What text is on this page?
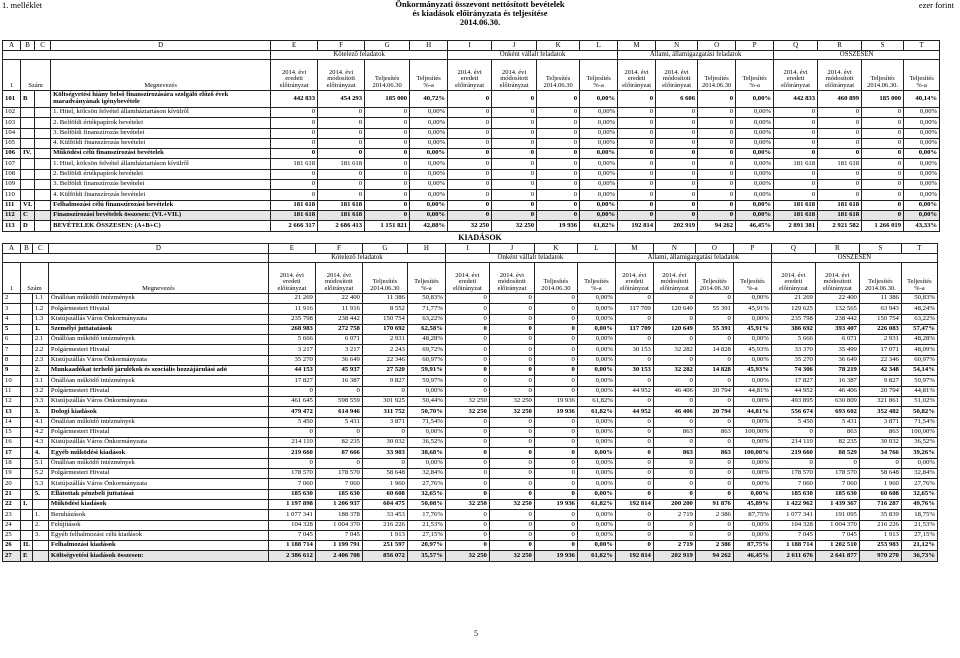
1. melléklet	ezer forint
Önkormányzati összevont nettósított bevételek
és kiadások előirányzata és teljesítése
2014.06.30.
A	B	C	D	E	F	G	H	I	J	K	L	M	N	O	P	Q	R	S	T
				Kötelező feladatok				Önként vállalt feladatok				Állami, államigazgatási feladatok				ÖSSZESEN			
1	Szám		Megnevezés	2014. évi eredeti előirányzat	2014. évi módosított előirányzat	Teljesítés 2014.06.30	Teljesítés %-a	2014. évi eredeti előirányzat	2014. évi módosított előirányzat	Teljesítés 2014.06.30	Teljesítés %-a	2014. évi eredeti előirányzat	2014. évi módosított előirányzat	Teljesítés 2014.06.30	Teljesítés %-a	2014. évi eredeti előirányzat	2014. évi módosított előirányzat	Teljesítés 2014.06.30.	Teljesítés %-a
101	B		Költségvetési hiány belső finanszírozására szolgáló előző évek maradványának igénybevétele	442 833	454 293	185 000	40,72%	0	0	0	0,00%	0	6 606	0	0,00%	442 833	460 899	185 000	40,14%
102			1. Hitel, kölcsön felvétel államháztartáson kívülről	0	0	0	0,00%	0	0	0	0,00%	0	0	0	0,00%	0	0	0	0,00%
103			2. Belföldi értékpapírok bevételei	0	0	0	0,00%	0	0	0	0,00%	0	0	0	0,00%	0	0	0	0,00%
104			3. Belföldi finanszírozás bevételei	0	0	0	0,00%	0	0	0	0,00%	0	0	0	0,00%	0	0	0	0,00%
105			4. Külföldi finanszírozás bevételei	0	0	0	0,00%	0	0	0	0,00%	0	0	0	0,00%	0	0	0	0,00%
106	IV.		Működési célú finanszírozási bevételek	0	0	0	0,00%	0	0	0	0,00%	0	0	0	0,00%	0	0	0	0,00%
107			1. Hitel, kölcsön felvétel államháztartáson kívülről	181 618	181 618	0	0,00%	0	0	0	0,00%	0	0	0	0,00%	181 618	181 618	0	0,00%
108			2. Belföldi értékpapírok bevételei	0	0	0	0,00%	0	0	0	0,00%	0	0	0	0,00%	0	0	0	0,00%
109			3. Belföldi finanszírozás bevételei	0	0	0	0,00%	0	0	0	0,00%	0	0	0	0,00%	0	0	0	0,00%
110			4. Külföldi finanszírozás bevételei	0	0	0	0,00%	0	0	0	0,00%	0	0	0	0,00%	0	0	0	0,00%
111	VI.		Felhalmozási célú finanszírozási bevételek	181 618	181 618	0	0,00%	0	0	0	0,00%	0	0	0	0,00%	181 618	181 618	0	0,00%
112	C		Finanszírozási bevételek összesen: (VI.+VII.)	181 618	181 618	0	0,00%	0	0	0	0,00%	0	0	0	0,00%	181 618	181 618	0	0,00%
113	D		BEVÉTELEK ÖSSZESEN: (A+B+C)	2 666 317	2 686 413	1 151 821	42,88%	32 250	32 250	19 936	61,82%	192 814	202 919	94 262	46,45%	2 891 381	2 921 582	1 266 019	43,33%
KIADÁSOK
A	B	C	D	E	F	G	H	I	J	K	L	M	N	O	P	Q	R	S	T
				Kötelező feladatok				Önként vállalt feladatok				Állami, államigazgatási feladatok				ÖSSZESEN			
1	Szám		Megnevezés	2014. évi eredeti előirányzat	2014. évi módosított előirányzat	Teljesítés 2014.06.30	Teljesítés %-a	2014. évi eredeti előirányzat	2014. évi módosított előirányzat	Teljesítés 2014.06.30	Teljesítés %-a	2014. évi eredeti előirányzat	2014. évi módosított előirányzat	Teljesítés 2014.06.30	Teljesítés %-a	2014. évi eredeti előirányzat	2014. évi módosított előirányzat	Teljesítés 2014.06.30.	Teljesítés %-a
2		1.1	Önállóan működő intézmények	21 269	22 400	11 386	50,83%	0	0	0	0,00%	0	0	0	0,00%	21 269	22 400	11 386	50,83%
3		1.2	Polgármesteri Hivatal	11 916	11 916	8 552	71,77%	0	0	0	0,00%	117 709	120 649	55 391	45,91%	129 625	132 565	63 943	48,24%
4		1.3	Kistújszállás Város Önkormányzata	235 798	238 442	150 754	63,22%	0	0	0	0,00%	0	0	0	0,00%	235 798	238 442	150 754	63,22%
5		1.	Személyi juttatatások	268 983	272 758	170 692	62,58%	0	0	0	0,00%	117 709	120 649	55 391	45,91%	386 692	393 407	226 083	57,47%
6		2.1	Önállóan működő intézmények	5 666	6 071	2 931	48,28%	0	0	0	0,00%	0	0	0	0,00%	5 666	6 071	2 931	48,28%
7		2.2	Polgármesteri Hivatal	3 217	3 217	2 243	69,72%	0	0	0	0,00%	30 153	32 282	14 828	45,93%	33 370	35 499	17 071	48,09%
8		2.3	Kistújszállás Város Önkormányzata	35 270	36 649	22 346	60,97%	0	0	0	0,00%	0	0	0	0,00%	35 270	36 649	22 346	60,97%
9		2.	Munkaadókat terhelő járulékok és szociális hozzájárulási adó	44 153	45 937	27 520	59,91%	0	0	0	0,00%	30 153	32 282	14 828	45,93%	74 306	78 219	42 348	54,14%
10		3.1	Önállóan működő intézmények	17 827	16 387	9 827	59,97%	0	0	0	0,00%	0	0	0	0,00%	17 827	16 387	9 827	59,97%
11		3.2	Polgármesteri Hivatal	0	0	0	0,00%	0	0	0	0,00%	44 952	46 406	20 794	44,81%	44 952	46 406	20 794	44,81%
12		3.3	Kistújszállás Város Önkormányzata	461 645	598 559	301 925	50,44%	32 250	32 250	19 936	61,82%	0	0	0	0,00%	493 895	630 809	321 861	51,02%
13		3.	Dologi kiadások	479 472	614 946	311 752	50,70%	32 250	32 250	19 936	61,82%	44 952	46 406	20 794	44,81%	556 674	693 602	352 482	50,82%
14		4.1	Önállóan működő intézmények	5 450	5 431	3 871	71,54%	0	0	0	0,00%	0	0	0	0,00%	5 450	5 431	3 871	71,54%
15		4.2	Polgármesteri Hivatal	0	0	0	0,00%	0	0	0	0,00%	0	863	863	100,00%	0	863	863	100,00%
16		4.3	Kistújszállás Város Önkormányzata	214 110	82 235	30 032	36,52%	0	0	0	0,00%	0	0	0	0,00%	214 110	82 235	30 032	36,52%
17		4.	Egyéb működési kiadások	219 660	87 666	33 903	38,68%	0	0	0	0,00%	0	863	863	100,00%	219 660	88 529	34 766	39,26%
18		5.1	Önállóan működő intézmények	0	0	0	0,00%	0	0	0	0,00%	0	0	0	0,00%	0	0	0	0,00%
19		5.2	Polgármesteri Hivatal	178 570	178 570	58 648	32,84%	0	0	0	0,00%	0	0	0	0,00%	178 570	178 570	58 648	32,84%
20		5.3	Kistújszállás Város Önkormányzata	7 060	7 060	1 960	27,76%	0	0	0	0,00%	0	0	0	0,00%	7 060	7 060	1 960	27,76%
21		5.	Ellátottak pénzbeli juttatásai	185 630	185 630	60 608	32,65%	0	0	0	0,00%	0	0	0	0,00%	185 630	185 630	60 608	32,65%
22	I.		Működési kiadások	1 197 898	1 206 937	604 475	50,08%	32 250	32 250	19 936	61,82%	192 814	200 200	91 876	45,89%	1 422 962	1 439 367	716 287	49,76%
23		1.	Beruházások	1 077 341	188 378	33 453	17,76%	0	0	0	0,00%	0	2 719	2 386	87,75%	1 077 341	191 095	35 839	18,75%
24		2.	Felújítások	104 328	1 004 370	216 226	21,53%	0	0	0	0,00%	0	0	0	0,00%	104 328	1 004 370	216 226	21,53%
25		3.	Egyéb felhalmozási célú kiadások	7 045	7 045	1 913	27,15%	0	0	0	0,00%	0	0	0	0,00%	7 045	7 045	1 913	27,15%
26	II.		Felhalmozási kiadások	1 188 714	1 199 791	251 597	20,97%	0	0	0	0,00%	0	2 719	2 386	87,75%	1 188 714	1 202 510	253 983	21,12%
27	E		Költségvetési kiadások összesen:	2 386 612	2 406 708	856 072	35,57%	32 250	32 250	19 936	61,82%	192 814	202 919	94 262	46,45%	2 611 676	2 641 877	970 270	36,73%
5
